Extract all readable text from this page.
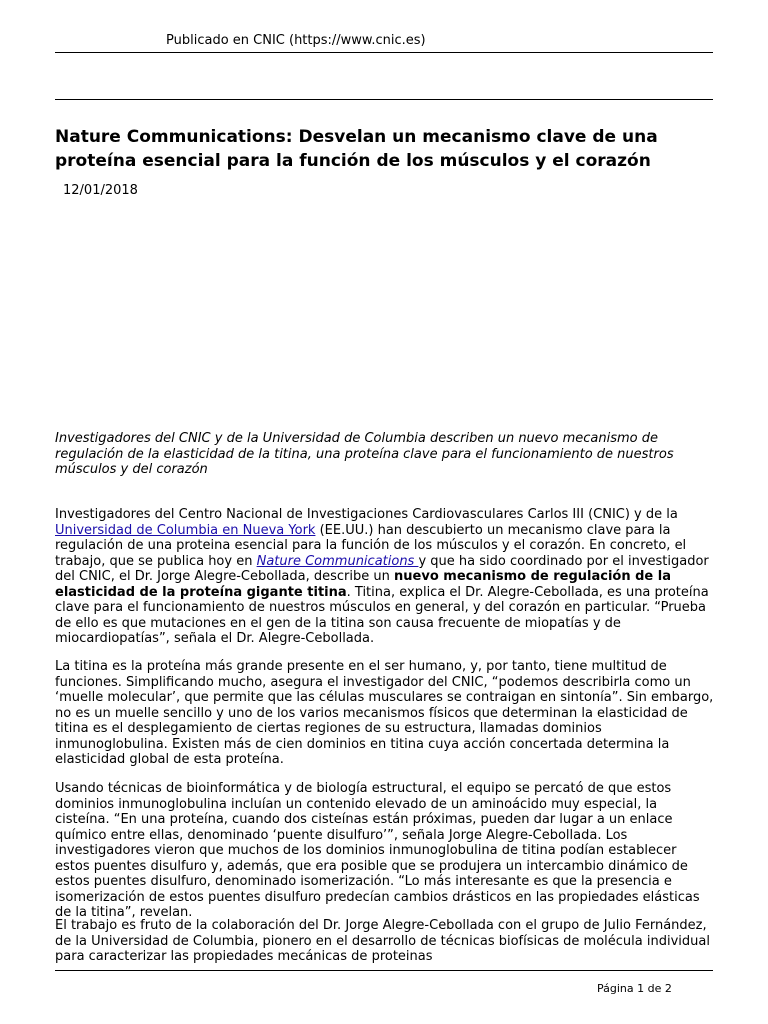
Publicado en CNIC (https://www.cnic.es)
Nature Communications: Desvelan un mecanismo clave de una proteína esencial para la función de los músculos y el corazón
12/01/2018

Investigadores del CNIC y de la Universidad de Columbia describen un nuevo mecanismo de regulación de la elasticidad de la titina, una proteína clave para el funcionamiento de nuestros músculos y del corazón

Investigadores del Centro Nacional de Investigaciones Cardiovasculares Carlos III (CNIC) y de la Universidad de Columbia en Nueva York (EE.UU.) han descubierto un mecanismo clave para la regulación de una proteina esencial para la función de los músculos y el corazón. En concreto, el trabajo, que se publica hoy en Nature Communications y que ha sido coordinado por el investigador del CNIC, el Dr. Jorge Alegre-Cebollada, describe un nuevo mecanismo de regulación de la elasticidad de la proteína gigante titina. Titina, explica el Dr. Alegre-Cebollada, es una proteína clave para el funcionamiento de nuestros músculos en general, y del corazón en particular. “Prueba de ello es que mutaciones en el gen de la titina son causa frecuente de miopatías y de miocardiopatías”, señala el Dr. Alegre-Cebollada.

La titina es la proteína más grande presente en el ser humano, y, por tanto, tiene multitud de funciones. Simplificando mucho, asegura el investigador del CNIC, “podemos describirla como un ‘muelle molecular’, que permite que las células musculares se contraigan en sintonía”. Sin embargo, no es un muelle sencillo y uno de los varios mecanismos físicos que determinan la elasticidad de titina es el desplegamiento de ciertas regiones de su estructura, llamadas dominios inmunoglobulina. Existen más de cien dominios en titina cuya acción concertada determina la elasticidad global de esta proteína.

Usando técnicas de bioinformática y de biología estructural, el equipo se percató de que estos dominios inmunoglobulina incluían un contenido elevado de un aminoácido muy especial, la cisteína. “En una proteína, cuando dos cisteínas están próximas, pueden dar lugar a un enlace químico entre ellas, denominado ‘puente disulfuro’”, señala Jorge Alegre-Cebollada. Los investigadores vieron que muchos de los dominios inmunoglobulina de titina podían establecer estos puentes disulfuro y, además, que era posible que se produjera un intercambio dinámico de estos puentes disulfuro, denominado isomerización. “Lo más interesante es que la presencia e isomerización de estos puentes disulfuro predecían cambios drásticos en las propiedades elásticas de la titina”, revelan.

El trabajo es fruto de la colaboración del Dr. Jorge Alegre-Cebollada con el grupo de Julio Fernández, de la Universidad de Columbia, pionero en el desarrollo de técnicas biofísicas de molécula individual para caracterizar las propiedades mecánicas de proteinas

Página 1 de 2
